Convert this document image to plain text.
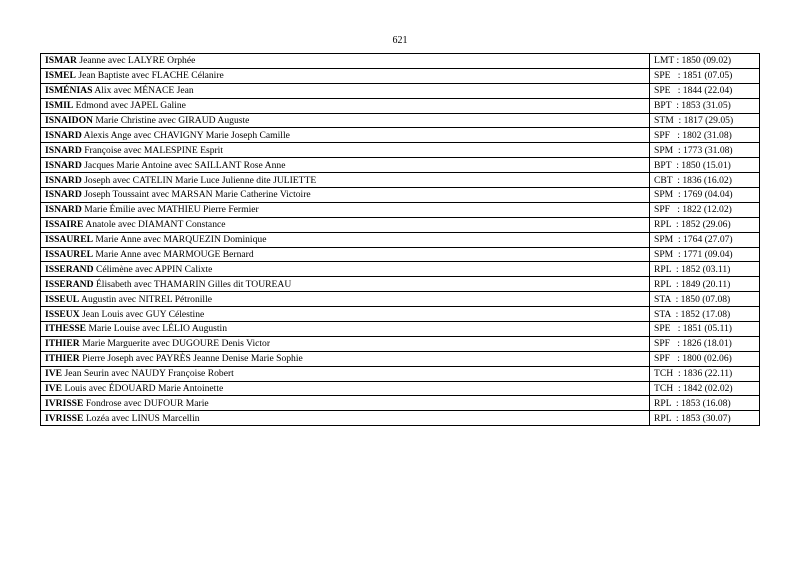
621
ISMAR Jeanne avec LALYRE Orphée	LMT : 1850 (09.02)
ISMEL Jean Baptiste avec FLACHE Célanire	SPE   : 1851 (07.05)
ISMÉNIAS Alix avec MÉNACE Jean	SPE   : 1844 (22.04)
ISMIL Edmond avec JAPEL Galine	BPT  : 1853 (31.05)
ISNAIDON Marie Christine avec GIRAUD Auguste	STM  : 1817 (29.05)
ISNARD Alexis Ange avec CHAVIGNY Marie Joseph Camille	SPF   : 1802 (31.08)
ISNARD Françoise avec MALESPINE Esprit	SPM  : 1773 (31.08)
ISNARD Jacques Marie Antoine avec SAILLANT Rose Anne	BPT  : 1850 (15.01)
ISNARD Joseph avec CATELIN Marie Luce Julienne dite JULIETTE	CBT  : 1836 (16.02)
ISNARD Joseph Toussaint avec MARSAN Marie Catherine Victoire	SPM  : 1769 (04.04)
ISNARD Marie Émilie avec MATHIEU Pierre Fermier	SPF   : 1822 (12.02)
ISSAIRE Anatole avec DIAMANT Constance	RPL  : 1852 (29.06)
ISSAUREL Marie Anne avec MARQUEZIN Dominique	SPM  : 1764 (27.07)
ISSAUREL Marie Anne avec MARMOUGE Bernard	SPM  : 1771 (09.04)
ISSERAND Célimène avec APPIN Calixte	RPL  : 1852 (03.11)
ISSERAND Élisabeth avec THAMARIN Gilles dit TOUREAU	RPL  : 1849 (20.11)
ISSEUL Augustin avec NITREL Pétronille	STA  : 1850 (07.08)
ISSEUX Jean Louis avec GUY Célestine	STA  : 1852 (17.08)
ITHESSE Marie Louise avec LÉLIO Augustin	SPE   : 1851 (05.11)
ITHIER Marie Marguerite avec DUGOURE Denis Victor	SPF   : 1826 (18.01)
ITHIER Pierre Joseph avec PAYRÈS Jeanne Denise Marie Sophie	SPF   : 1800 (02.06)
IVE Jean Seurin avec NAUDY Françoise Robert	TCH  : 1836 (22.11)
IVE Louis avec ÉDOUARD Marie Antoinette	TCH  : 1842 (02.02)
IVRISSE Fondrose avec DUFOUR Marie	RPL  : 1853 (16.08)
IVRISSE Lozéa avec LINUS Marcellin	RPL  : 1853 (30.07)
